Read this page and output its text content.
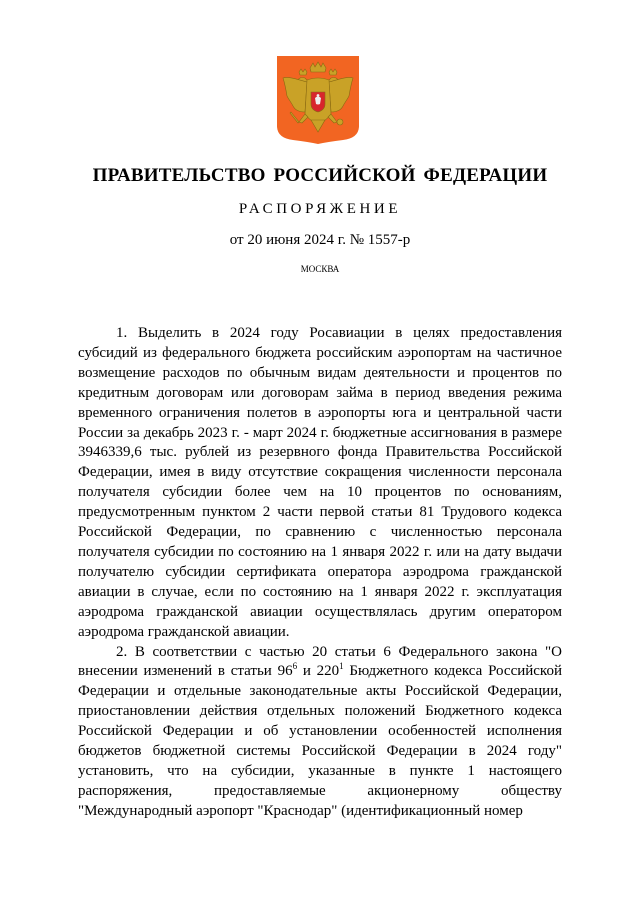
ПРАВИТЕЛЬСТВО РОССИЙСКОЙ ФЕДЕРАЦИИ
РАСПОРЯЖЕНИЕ
от 20 июня 2024 г. № 1557-р
МОСКВА

1. Выделить в 2024 году Росавиации в целях предоставления субсидий из федерального бюджета российским аэропортам на частичное возмещение расходов по обычным видам деятельности и процентов по кредитным договорам или договорам займа в период введения режима временного ограничения полетов в аэропорты юга и центральной части России за декабрь 2023 г. - март 2024 г. бюджетные ассигнования в размере 3946339,6 тыс. рублей из резервного фонда Правительства Российской Федерации, имея в виду отсутствие сокращения численности персонала получателя субсидии более чем на 10 процентов по основаниям, предусмотренным пунктом 2 части первой статьи 81 Трудового кодекса Российской Федерации, по сравнению с численностью персонала получателя субсидии по состоянию на 1 января 2022 г. или на дату выдачи получателю субсидии сертификата оператора аэродрома гражданской авиации в случае, если по состоянию на 1 января 2022 г. эксплуатация аэродрома гражданской авиации осуществлялась другим оператором аэродрома гражданской авиации.

2. В соответствии с частью 20 статьи 6 Федерального закона "О внесении изменений в статьи $96^6$ и $220^1$ Бюджетного кодекса Российской Федерации и отдельные законодательные акты Российской Федерации, приостановлении действия отдельных положений Бюджетного кодекса Российской Федерации и об установлении особенностей исполнения бюджетов бюджетной системы Российской Федерации в 2024 году" установить, что на субсидии, указанные в пункте 1 настоящего распоряжения, предоставляемые акционерному обществу "Международный аэропорт "Краснодар" (идентификационный номер
